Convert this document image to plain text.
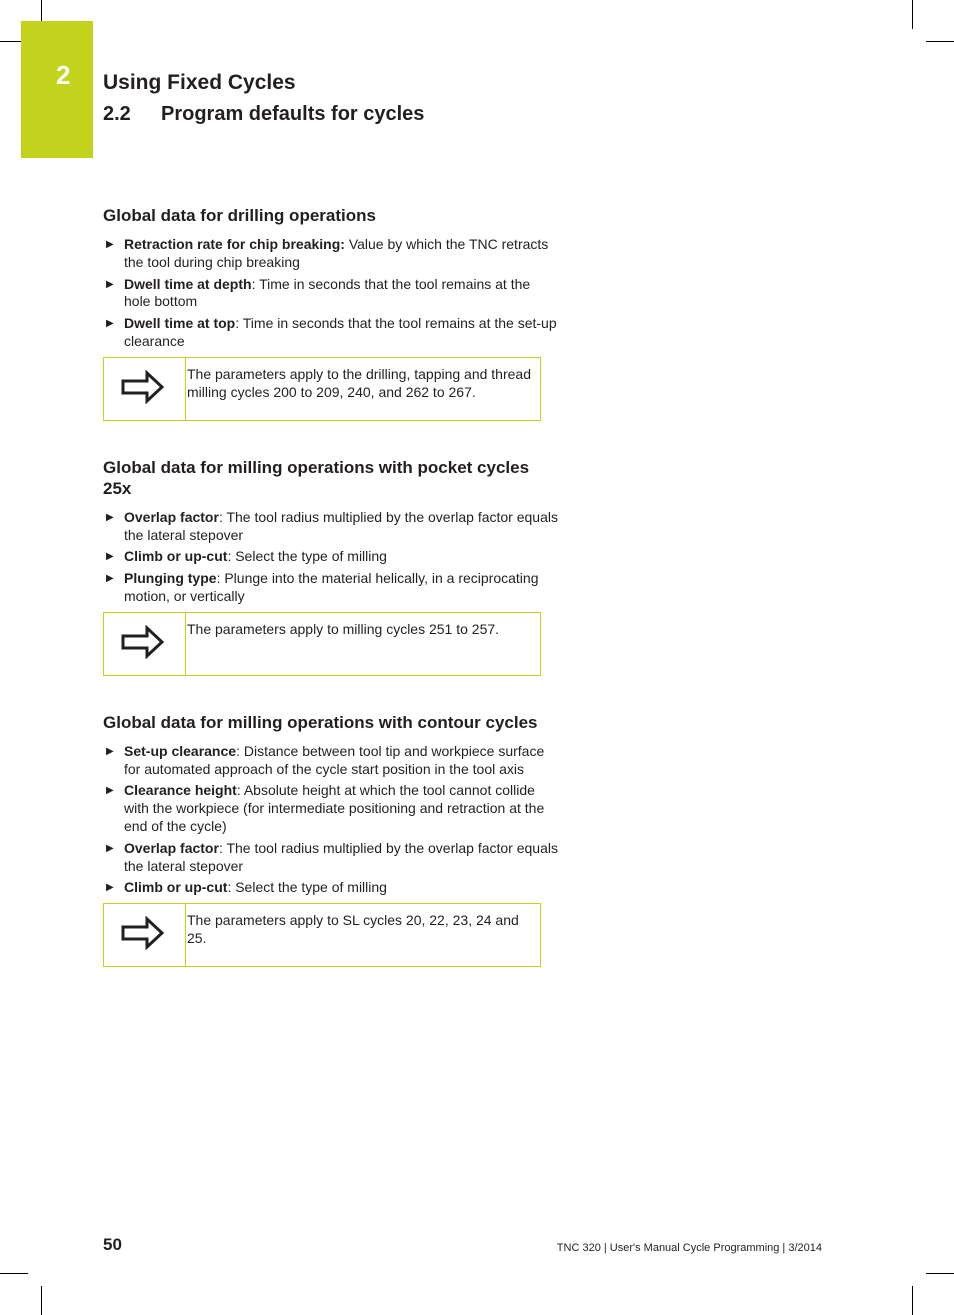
2 Using Fixed Cycles
2.2 Program defaults for cycles
Global data for drilling operations
▶ Retraction rate for chip breaking: Value by which the TNC retracts the tool during chip breaking
▶ Dwell time at depth: Time in seconds that the tool remains at the hole bottom
▶ Dwell time at top: Time in seconds that the tool remains at the set-up clearance
The parameters apply to the drilling, tapping and thread milling cycles 200 to 209, 240, and 262 to 267.
Global data for milling operations with pocket cycles 25x
▶ Overlap factor: The tool radius multiplied by the overlap factor equals the lateral stepover
▶ Climb or up-cut: Select the type of milling
▶ Plunging type: Plunge into the material helically, in a reciprocating motion, or vertically
The parameters apply to milling cycles 251 to 257.
Global data for milling operations with contour cycles
▶ Set-up clearance: Distance between tool tip and workpiece surface for automated approach of the cycle start position in the tool axis
▶ Clearance height: Absolute height at which the tool cannot collide with the workpiece (for intermediate positioning and retraction at the end of the cycle)
▶ Overlap factor: The tool radius multiplied by the overlap factor equals the lateral stepover
▶ Climb or up-cut: Select the type of milling
The parameters apply to SL cycles 20, 22, 23, 24 and 25.
50	TNC 320 | User's Manual Cycle Programming | 3/2014
